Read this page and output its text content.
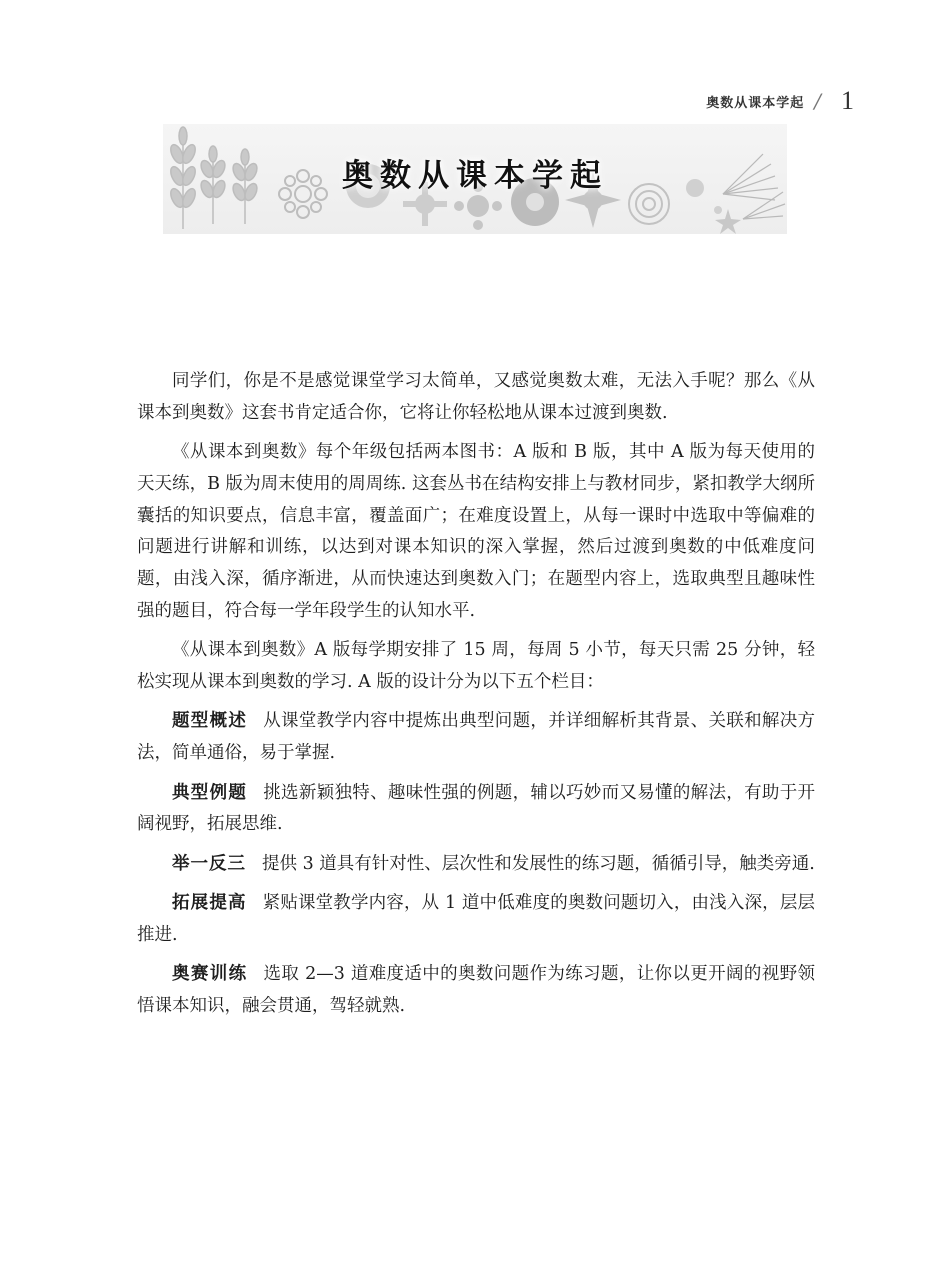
奥数从课本学起 / 1
奥数从课本学起

同学们，你是不是感觉课堂学习太简单，又感觉奥数太难，无法入手呢？那么《从课本到奥数》这套书肯定适合你，它将让你轻松地从课本过渡到奥数.

《从课本到奥数》每个年级包括两本图书：A 版和 B 版，其中 A 版为每天使用的天天练，B 版为周末使用的周周练. 这套丛书在结构安排上与教材同步，紧扣教学大纲所囊括的知识要点，信息丰富，覆盖面广；在难度设置上，从每一课时中选取中等偏难的问题进行讲解和训练，以达到对课本知识的深入掌握，然后过渡到奥数的中低难度问题，由浅入深，循序渐进，从而快速达到奥数入门；在题型内容上，选取典型且趣味性强的题目，符合每一学年段学生的认知水平.

《从课本到奥数》A 版每学期安排了 15 周，每周 5 小节，每天只需 25 分钟，轻松实现从课本到奥数的学习. A 版的设计分为以下五个栏目：

题型概述 从课堂教学内容中提炼出典型问题，并详细解析其背景、关联和解决方法，简单通俗，易于掌握.

典型例题 挑选新颖独特、趣味性强的例题，辅以巧妙而又易懂的解法，有助于开阔视野，拓展思维.

举一反三 提供 3 道具有针对性、层次性和发展性的练习题，循循引导，触类旁通.

拓展提高 紧贴课堂教学内容，从 1 道中低难度的奥数问题切入，由浅入深，层层推进.

奥赛训练 选取 2—3 道难度适中的奥数问题作为练习题，让你以更开阔的视野领悟课本知识，融会贯通，驾轻就熟.
